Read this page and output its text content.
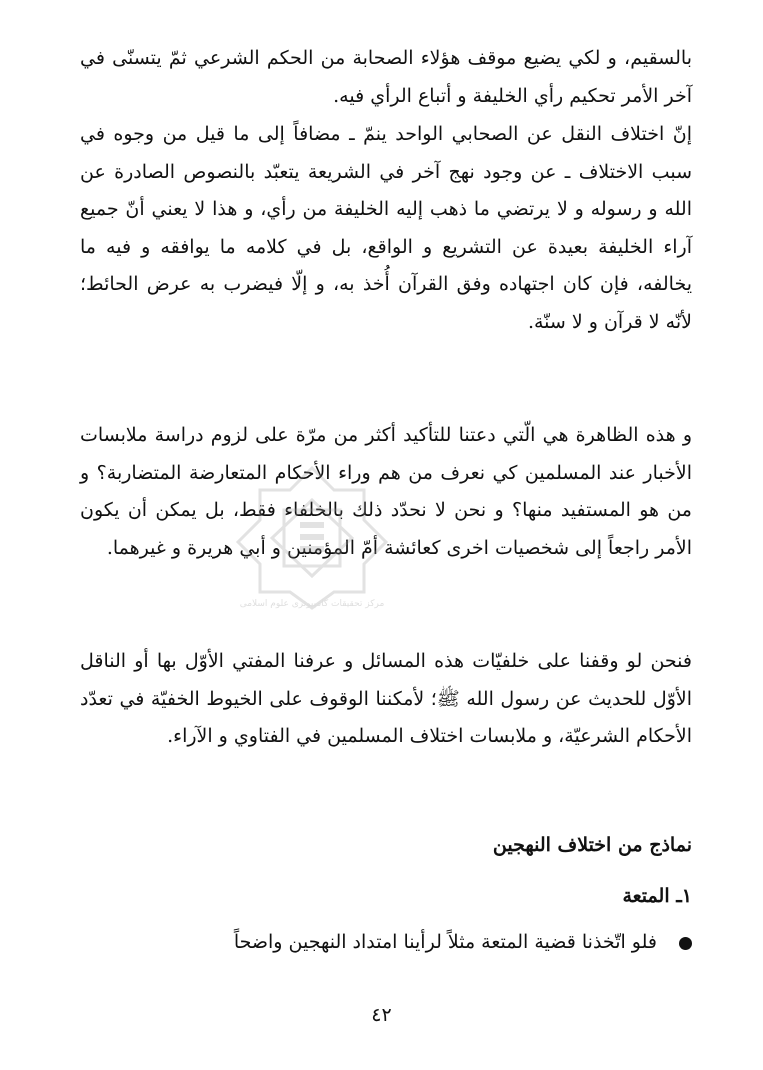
بالسقيم، و لكي يضيع موقف هؤلاء الصحابة من الحكم الشرعي ثمّ يتسنّى في آخر الأمر تحكيم رأي الخليفة و أتباع الرأي فيه.

إنّ اختلاف النقل عن الصحابي الواحد ينمّ ـ مضافاً إلى ما قيل من وجوه في سبب الاختلاف ـ عن وجود نهج آخر في الشريعة يتعبّد بالنصوص الصادرة عن الله و رسوله و لا يرتضي ما ذهب إليه الخليفة من رأي، و هذا لا يعني أنّ جميع آراء الخليفة بعيدة عن التشريع و الواقع، بل في كلامه ما يوافقه و فيه ما يخالفه، فإن كان اجتهاده وفق القرآن أُخذ به، و إلّا فيضرب به عرض الحائط؛ لأنّه لا قرآن و لا سنّة.

و هذه الظاهرة هي الّتي دعتنا للتأكيد أكثر من مرّة على لزوم دراسة ملابسات الأخبار عند المسلمين كي نعرف من هم وراء الأحكام المتعارضة المتضاربة؟ و من هو المستفيد منها؟ و نحن لا نحدّد ذلك بالخلفاء فقط، بل يمكن أن يكون الأمر راجعاً إلى شخصيات اخرى كعائشة أمّ المؤمنين و أبي هريرة و غيرهما.

فنحن لو وقفنا على خلفيّات هذه المسائل و عرفنا المفتي الأوّل بها أو الناقل الأوّل للحديث عن رسول الله ﷺ؛ لأمكننا الوقوف على الخيوط الخفيّة في تعدّد الأحكام الشرعيّة، و ملابسات اختلاف المسلمين في الفتاوي و الآراء.

نماذج من اختلاف النهجين
١ـ المتعة

فلو اتّخذنا قضية المتعة مثلاً لرأينا امتداد النهجين واضحاً

٤٢

مرکز تحقیقات کامپیوتری علوم اسلامی
